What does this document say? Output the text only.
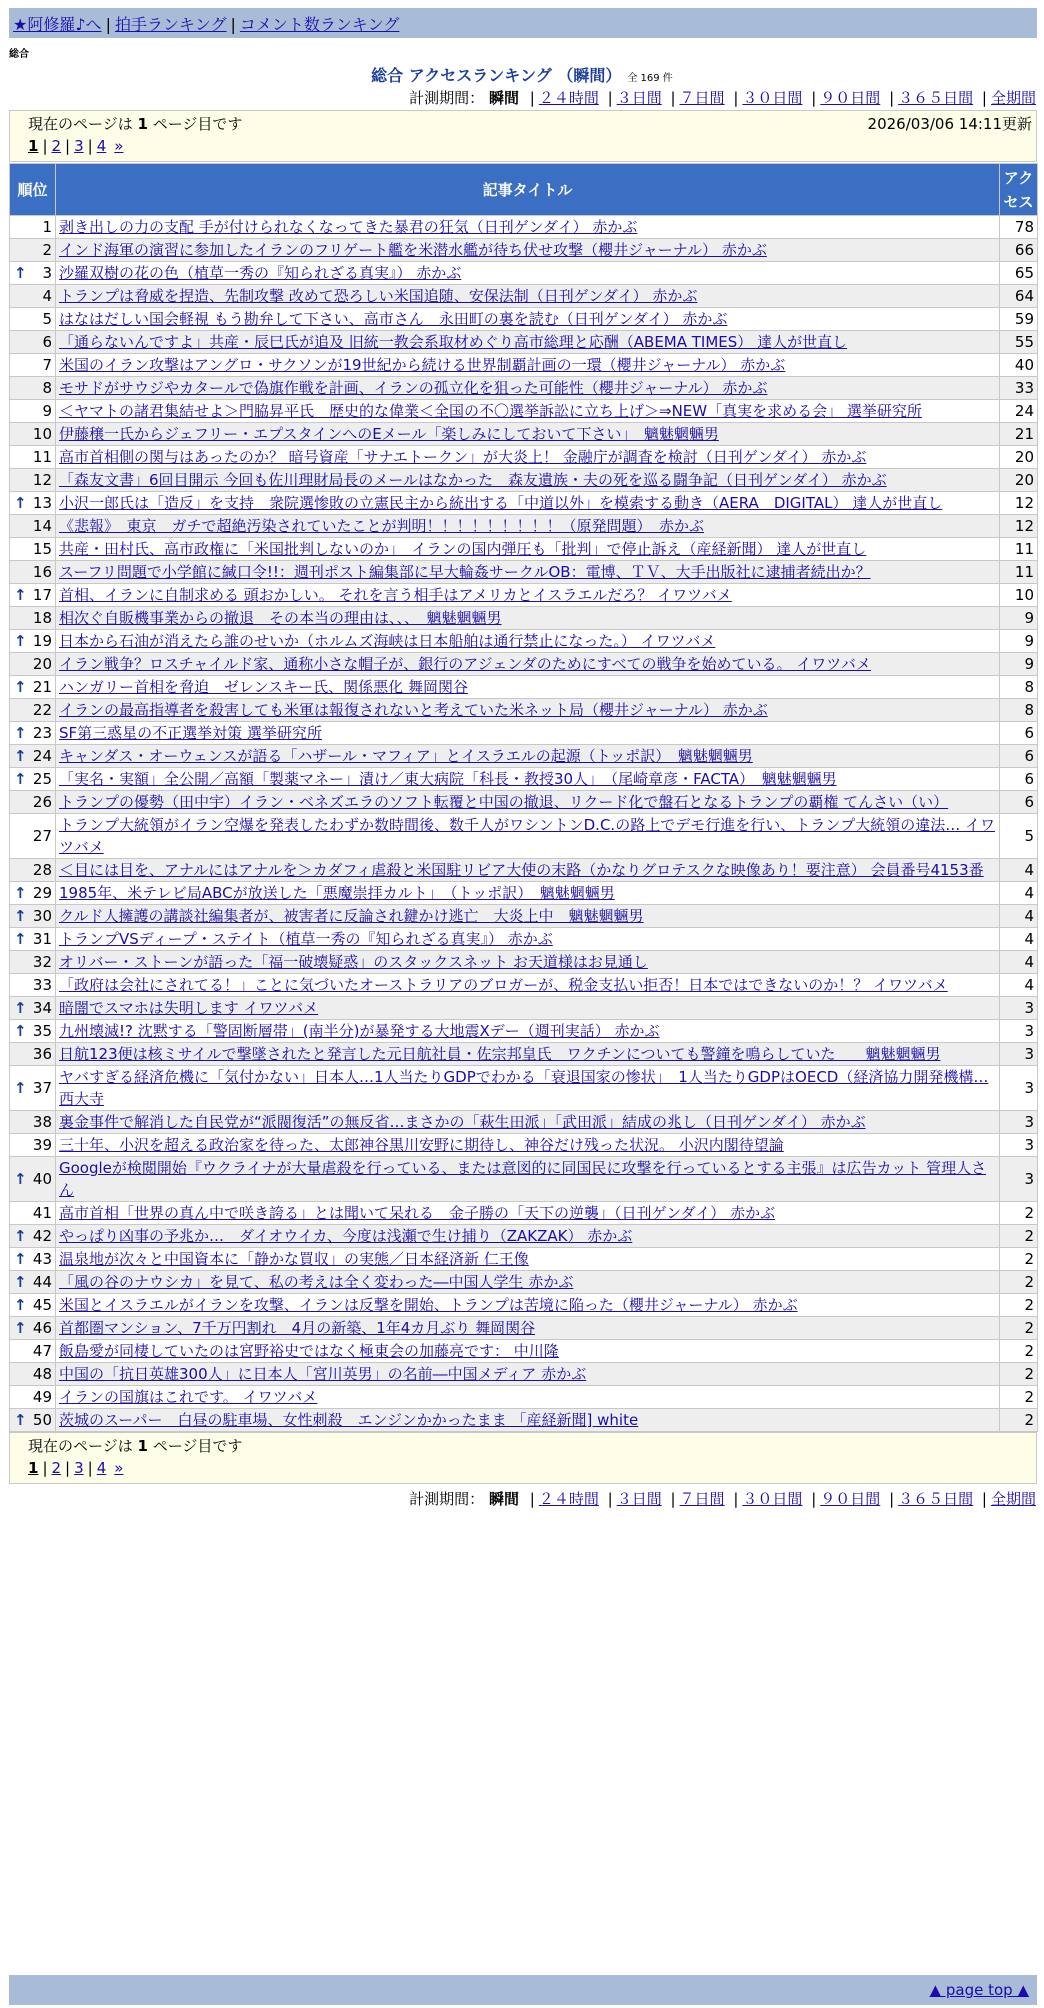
★阿修羅♪へ | 拍手ランキング | コメント数ランキング
総合
総合 アクセスランキング （瞬間） 全 169 件
計測期間： 瞬間 | ２４時間 | ３日間 | ７日間 | ３０日間 | ９０日間 | ３６５日間 | 全期間
現在のページは 1 ページ目です	2026/03/06 14:11更新
1 | 2 | 3 | 4 »
順位	記事タイトル	アクセス
1	剥き出しの力の支配 手が付けられなくなってきた暴君の狂気（日刊ゲンダイ） 赤かぶ	78
2	インド海軍の演習に参加したイランのフリゲート艦を米潜水艦が待ち伏せ攻撃（櫻井ジャーナル） 赤かぶ	66

↑ 3	沙羅双樹の花の色（植草一秀の『知られざる真実』） 赤かぶ	65
4	トランプは脅威を捏造、先制攻撃 改めて恐ろしい米国追随、安保法制（日刊ゲンダイ） 赤かぶ	64
5	はなはだしい国会軽視 もう勘弁して下さい、高市さん　永田町の裏を読む（日刊ゲンダイ） 赤かぶ	59
6	「通らないんですよ」共産・辰巳氏が追及 旧統一教会系取材めぐり高市総理と応酬（ABEMA TIMES） 達人が世直し	55
7	米国のイラン攻撃はアングロ・サクソンが19世紀から続ける世界制覇計画の一環（櫻井ジャーナル） 赤かぶ	40
8	モサドがサウジやカタールで偽旗作戦を計画、イランの孤立化を狙った可能性（櫻井ジャーナル） 赤かぶ	33
9	＜ヤマトの諸君集結せよ＞門脇昇平氏　歴史的な偉業＜全国の不〇選挙訴訟に立ち上げ＞⇒NEW「真実を求める会」 選挙研究所	24
10	伊藤穣一氏からジェフリー・エプスタインへのEメール「楽しみにしておいて下さい」　魑魅魍魎男	21
11	高市首相側の関与はあったのか？ 暗号資産「サナエトークン」が大炎上！ 金融庁が調査を検討（日刊ゲンダイ） 赤かぶ	20
12	「森友文書」6回目開示 今回も佐川理財局長のメールはなかった　森友遺族・夫の死を巡る闘争記（日刊ゲンダイ） 赤かぶ	20

↑ 13	小沢一郎氏は「造反」を支持　衆院選惨敗の立憲民主から統出する「中道以外」を模索する動き（AERA　DIGITAL） 達人が世直し	12
14	《悲報》　東京　ガチで超絶汚染されていたことが判明！！！！！！！！！（原発問題）　赤かぶ	12
15	共産・田村氏、高市政権に「米国批判しないのか」　イランの国内弾圧も「批判」で停止訴え（産経新聞） 達人が世直し	11
16	スーフリ問題で小学館に緘口令!!：週刊ポスト編集部に早大輪姦サークルOB：電博、ＴＶ、大手出版社に逮捕者続出か？	11

↑ 17	首相、イランに自制求める 頭おかしい。 それを言う相手はアメリカとイスラエルだろ？ イワツバメ	10
18	相次ぐ自販機事業からの撤退　その本当の理由は、、、　魑魅魍魎男	9

↑ 19	日本から石油が消えたら誰のせいか（ホルムズ海峡は日本船舶は通行禁止になった。） イワツバメ	9
20	イラン戦争？ロスチャイルド家、通称小さな帽子が、銀行のアジェンダのためにすべての戦争を始めている。 イワツバメ	9

↑ 21	ハンガリー首相を脅迫　ゼレンスキー氏、関係悪化 舞岡関谷	8
22	イランの最高指導者を殺害しても米軍は報復されないと考えていた米ネット局（櫻井ジャーナル） 赤かぶ	8

↑ 23	SF第三惑星の不正選挙対策 選挙研究所	6

↑ 24	キャンダス・オーウェンスが語る「ハザール・マフィア」とイスラエルの起源（トッポ訳）　魑魅魍魎男	6

↑ 25	「実名・実額」全公開／高額「製薬マネー」漬け／東大病院「科長・教授30人」　（尾崎章彦・FACTA）　魑魅魍魎男	6
26	トランプの優勢（田中宇）イラン・ベネズエラのソフト転覆と中国の撤退、リクード化で盤石となるトランプの覇権 てんさい（い）	6
27	トランプ大統領がイラン空爆を発表したわずか数時間後、数千人がワシントンD.C.の路上でデモ行進を行い、トランプ大統領の違法… イワツバメ	5
28	＜目には目を、アナルにはアナルを＞カダフィ虐殺と米国駐リビア大使の末路（かなりグロテスクな映像あり！要注意） 会員番号4153番	4

↑ 29	1985年、米テレビ局ABCが放送した「悪魔崇拝カルト」　（トッポ訳）　魑魅魍魎男	4

↑ 30	クルド人擁護の講談社編集者が、被害者に反論され鍵かけ逃亡　大炎上中　魑魅魍魎男	4

↑ 31	トランプVSディープ・ステイト（植草一秀の『知られざる真実』） 赤かぶ	4
32	オリバー・ストーンが語った「福一破壊疑惑」のスタックスネット お天道様はお見通し	4
33	「政府は会社にされてる！」ことに気づいたオーストラリアのブロガーが、税金支払い拒否！日本ではできないのか！？ イワツバメ	4

↑ 34	暗闇でスマホは失明します イワツバメ	3

↑ 35	九州壊滅!? 沈黙する「警固断層帯」(南半分)が暴発する大地震Xデー（週刊実話） 赤かぶ	3
36	日航123便は核ミサイルで撃墜されたと発言した元日航社員・佐宗邦皇氏　ワクチンについても警鐘を鳴らしていた　　魑魅魍魎男	3

↑ 37	ヤバすぎる経済危機に「気付かない」日本人…1人当たりGDPでわかる「衰退国家の惨状」　1人当たりGDPはOECD（経済協力開発機構… 西大寺	3
38	裏金事件で解消した自民党が“派閥復活”の無反省…まさかの「萩生田派」「武田派」結成の兆し（日刊ゲンダイ） 赤かぶ	3
39	三十年、小沢を超える政治家を待った、太郎神谷黒川安野に期待し、神谷だけ残った状況。 小沢内閣待望論	3

↑ 40	Googleが検閲開始『ウクライナが大量虐殺を行っている、または意図的に同国民に攻撃を行っているとする主張』は広告カット 管理人さん	3
41	高市首相「世界の真ん中で咲き誇る」とは聞いて呆れる　金子勝の「天下の逆襲」（日刊ゲンダイ） 赤かぶ	2

↑ 42	やっぱり凶事の予兆か…　ダイオウイカ、今度は浅瀬で生け捕り（ZAKZAK） 赤かぶ	2

↑ 43	温泉地が次々と中国資本に「静かな買収」の実態／日本経済新 仁王像	2

↑ 44	「風の谷のナウシカ」を見て、私の考えは全く変わった―中国人学生 赤かぶ	2

↑ 45	米国とイスラエルがイランを攻撃、イランは反撃を開始、トランプは苦境に陥った（櫻井ジャーナル） 赤かぶ	2

↑ 46	首都圏マンション、7千万円割れ　4月の新築、1年4カ月ぶり 舞岡関谷	2
47	飯島愛が同棲していたのは宮野裕史ではなく極東会の加藤亮です： 中川隆	2
48	中国の「抗日英雄300人」に日本人「宮川英男」の名前―中国メディア 赤かぶ	2
49	イランの国旗はこれです。 イワツバメ	2

↑ 50	茨城のスーパー　白昼の駐車場、女性刺殺　エンジンかかったまま 「産経新聞] white	2
現在のページは 1 ページ目です
1 | 2 | 3 | 4 »
計測期間： 瞬間 | ２４時間 | ３日間 | ７日間 | ３０日間 | ９０日間 | ３６５日間 | 全期間
▲ page top ▲
